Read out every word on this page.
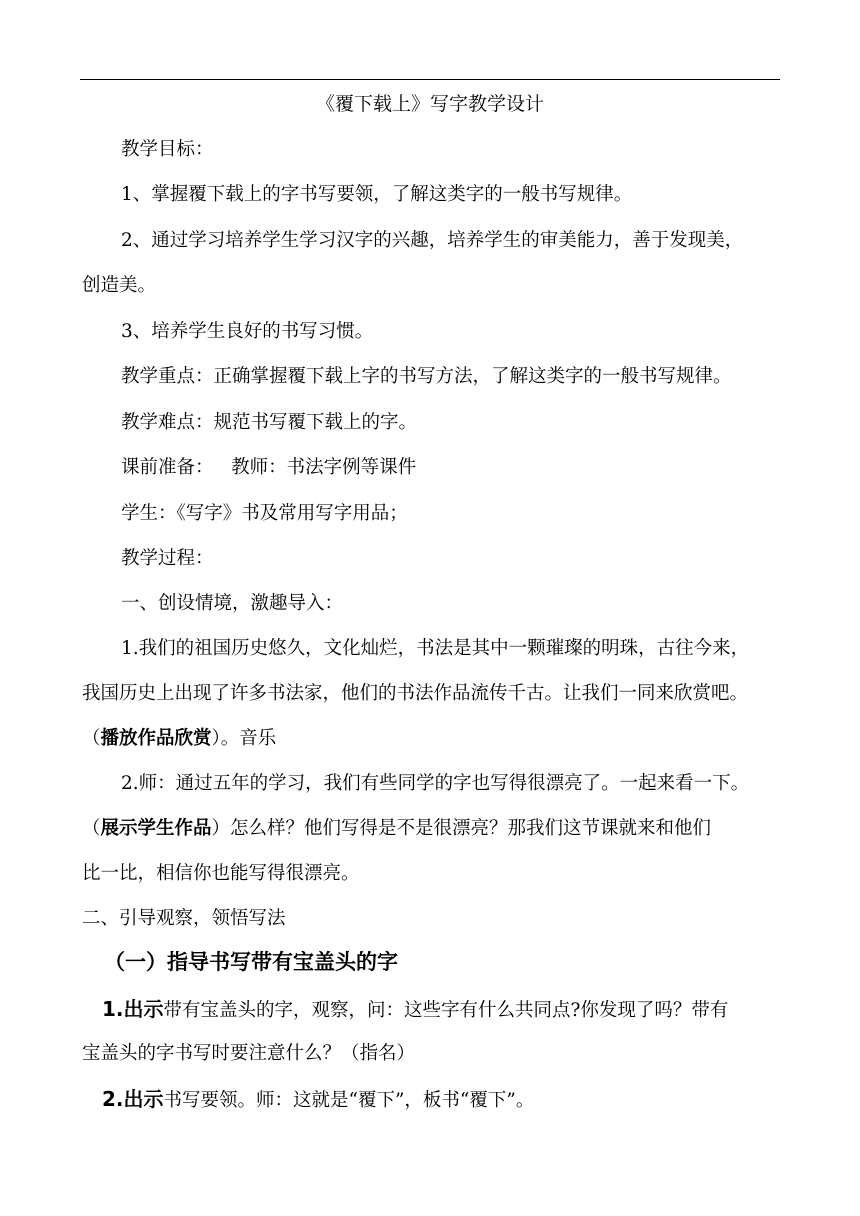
《覆下载上》写字教学设计
教学目标：
1、掌握覆下载上的字书写要领，了解这类字的一般书写规律。
2、通过学习培养学生学习汉字的兴趣，培养学生的审美能力，善于发现美，
创造美。
3、培养学生良好的书写习惯。
教学重点：正确掌握覆下载上字的书写方法，了解这类字的一般书写规律。
教学难点：规范书写覆下载上的字。
课前准备：   教师：书法字例等课件
学生：《写字》书及常用写字用品；
教学过程：
一、创设情境，激趣导入：
1.我们的祖国历史悠久，文化灿烂，书法是其中一颗璀璨的明珠，古往今来，
我国历史上出现了许多书法家，他们的书法作品流传千古。让我们一同来欣赏吧。
（播放作品欣赏）。音乐
2.师：通过五年的学习，我们有些同学的字也写得很漂亮了。一起来看一下。
（展示学生作品）怎么样？他们写得是不是很漂亮？那我们这节课就来和他们
比一比，相信你也能写得很漂亮。
二、引导观察，领悟写法
（一）指导书写带有宝盖头的字
1.出示带有宝盖头的字，观察，问：这些字有什么共同点?你发现了吗？带有
宝盖头的字书写时要注意什么？（指名）
2.出示书写要领。师：这就是“覆下”，板书“覆下”。
